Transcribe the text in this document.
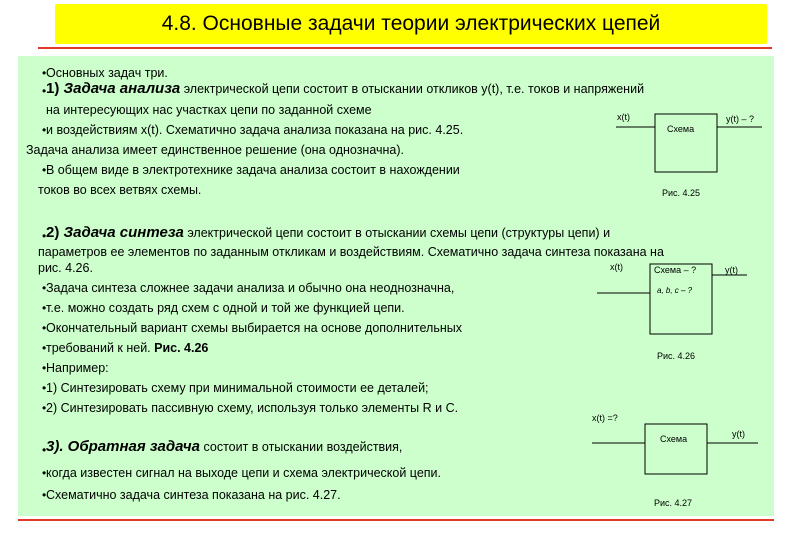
4.8. Основные задачи теории электрических цепей
• Основных задач три.
• 1) Задача анализа электрической цепи состоит в отыскании откликов y(t), т.е. токов и напряжений
на интересующих нас участках цепи по заданной схеме
• и воздействиям x(t). Схематично задача анализа показана на рис. 4.25.
Задача анализа имеет единственное решение (она однозначна).
• В общем виде в электротехнике задача анализа состоит в нахождении
токов во всех ветвях схемы.
• 2) Задача синтеза электрической цепи состоит в отыскании схемы цепи (структуры цепи) и
параметров ее элементов по заданным откликам и воздействиям. Схематично задача синтеза показана на
рис. 4.26.
• Задача синтеза сложнее задачи анализа и обычно она неоднозначна,
• т.е. можно создать ряд схем с одной и той же функцией цепи.
• Окончательный вариант схемы выбирается на основе дополнительных
• требований к ней. Рис. 4.26
• Например:
• 1) Синтезировать схему при минимальной стоимости ее деталей;
• 2) Синтезировать пассивную схему, используя только элементы R и C.
• 3). Обратная задача состоит в отыскании воздействия,
• когда известен сигнал на выходе цепи и схема электрической цепи.
• Схематично задача синтеза показана на рис. 4.27.
x(t)
Схема
y(t) – ?
Рис. 4.25
x(t)	Схема – ?
a, b, c – ?
y(t)
Рис. 4.26
x(t) =?
Схема	y(t)
Рис. 4.27
